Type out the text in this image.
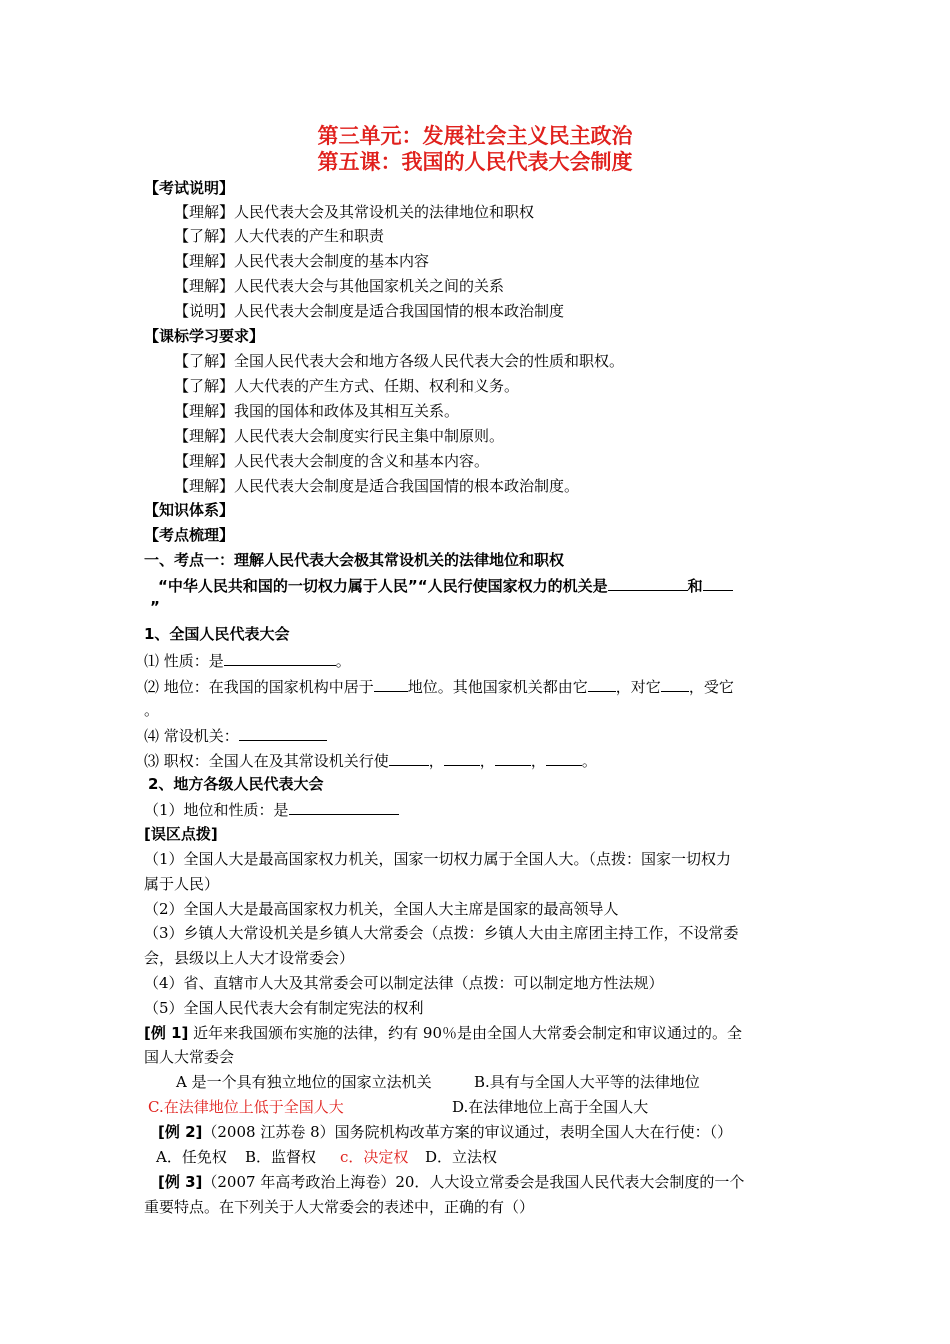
第三单元：发展社会主义民主政治
第五课：我国的人民代表大会制度
【考试说明】
【理解】人民代表大会及其常设机关的法律地位和职权
【了解】人大代表的产生和职责
【理解】人民代表大会制度的基本内容
【理解】人民代表大会与其他国家机关之间的关系
【说明】人民代表大会制度是适合我国国情的根本政治制度
【课标学习要求】
【了解】全国人民代表大会和地方各级人民代表大会的性质和职权。
【了解】人大代表的产生方式、任期、权利和义务。
【理解】我国的国体和政体及其相互关系。
【理解】人民代表大会制度实行民主集中制原则。
【理解】人民代表大会制度的含义和基本内容。
【理解】人民代表大会制度是适合我国国情的根本政治制度。
【知识体系】
【考点梳理】
一、考点一：理解人民代表大会极其常设机关的法律地位和职权
“中华人民共和国的一切权力属于人民”“人民行使国家权力的机关是	和
”
1、全国人民代表大会
⑴ 性质：是	。
⑵ 地位：在我国的国家机构中居于 地位。其他国家机关都由它 ，对它 ，受它
。
⑷ 常设机关：
⑶ 职权：全国人在及其常设机关行使	， ， ， 。
2、地方各级人民代表大会
（1）地位和性质：是
[误区点拨]
（1）全国人大是最高国家权力机关，国家一切权力属于全国人大。（点拨：国家一切权力
属于人民）
（2）全国人大是最高国家权力机关，全国人大主席是国家的最高领导人
（3）乡镇人大常设机关是乡镇人大常委会（点拨：乡镇人大由主席团主持工作，不设常委
会，县级以上人大才设常委会）
（4）省、直辖市人大及其常委会可以制定法律（点拨：可以制定地方性法规）
（5）全国人民代表大会有制定宪法的权利
[例 1] 近年来我国颁布实施的法律，约有 90％是由全国人大常委会制定和审议通过的。全
国人大常委会
A 是一个具有独立地位的国家立法机关	B.具有与全国人大平等的法律地位
C.在法律地位上低于全国人大	D.在法律地位上高于全国人大
[例 2]（2008 江苏卷 8）国务院机构改革方案的审议通过，表明全国人大在行使：（）
A．任免权 B．监督权 c．决定权 D．立法权
[例 3]（2007 年高考政治上海卷）20．人大设立常委会是我国人民代表大会制度的一个
重要特点。在下列关于人大常委会的表述中，正确的有（）
